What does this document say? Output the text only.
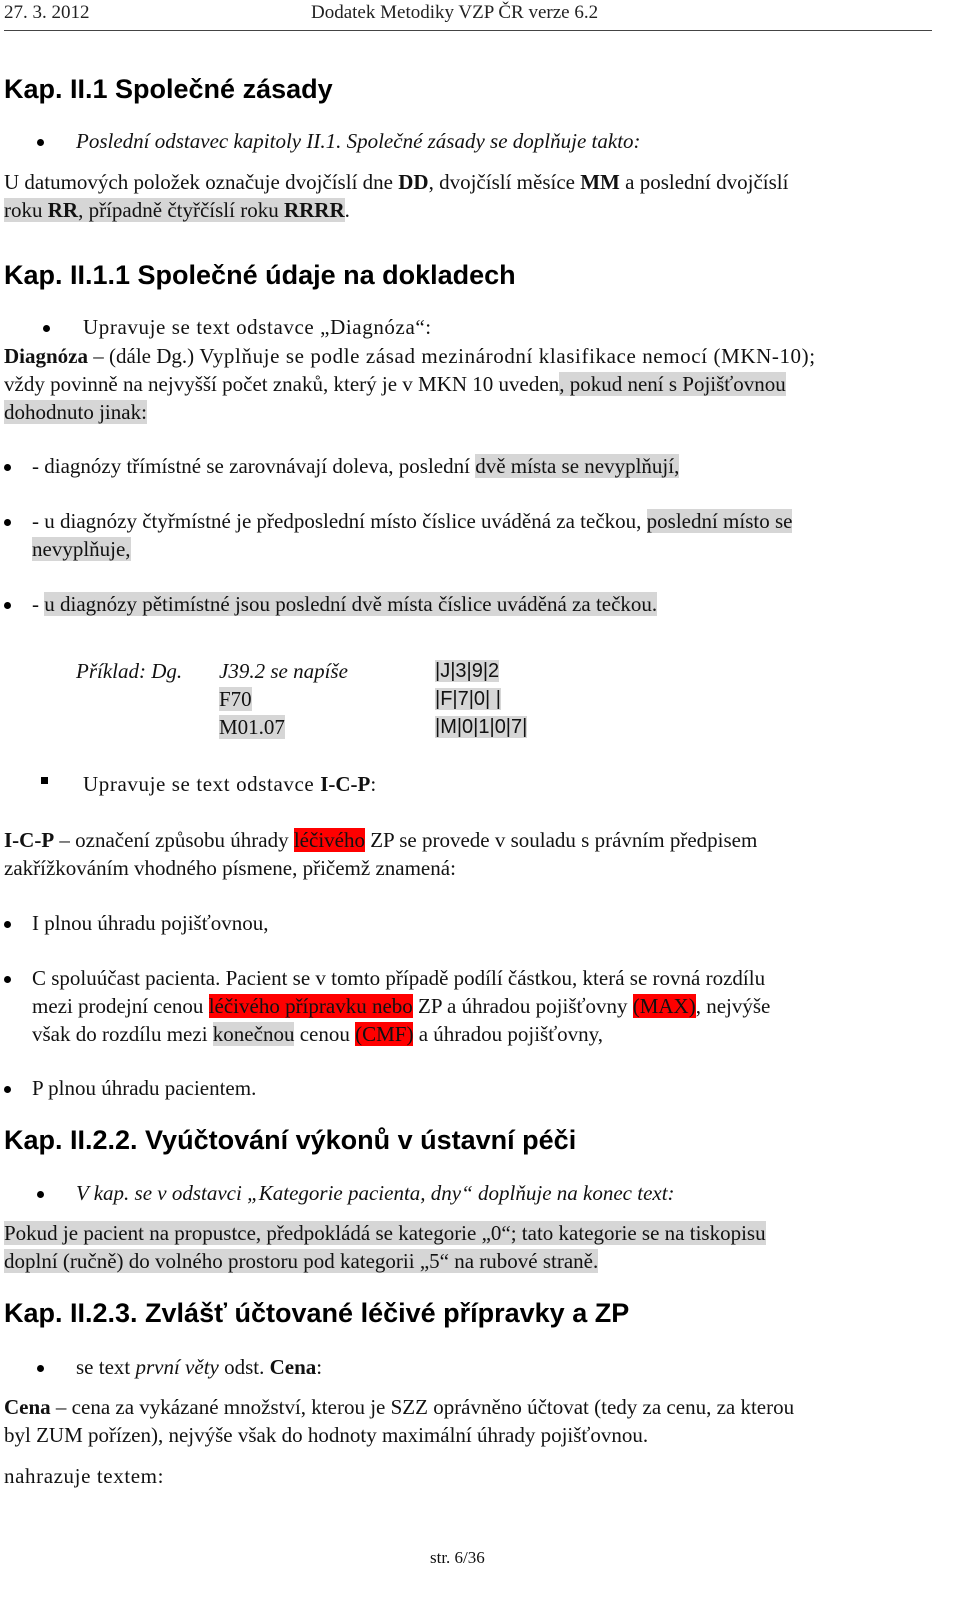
27. 3. 2012	Dodatek Metodiky VZP ČR verze 6.2
Kap. II.1 Společné zásady
Poslední odstavec kapitoly II.1. Společné zásady se doplňuje takto:
U datumových položek označuje dvojčíslí dne DD, dvojčíslí měsíce MM a poslední dvojčíslí
roku RR, případně čtyřčíslí roku RRRR.
Kap. II.1.1 Společné údaje na dokladech
Upravuje se text odstavce „Diagnóza“:
Diagnóza – (dále Dg.) Vyplňuje se podle zásad mezinárodní klasifikace nemocí (MKN-10);
vždy povinně na nejvyšší počet znaků, který je v MKN 10 uveden, pokud není s Pojišťovnou
dohodnuto jinak:
- diagnózy třímístné se zarovnávají doleva, poslední dvě místa se nevyplňují,
- u diagnózy čtyřmístné je předposlední místo číslice uváděná za tečkou, poslední místo se
nevyplňuje,
- u diagnózy pětimístné jsou poslední dvě místa číslice uváděná za tečkou.
Příklad: Dg. J39.2 se napíše	|J|3|9|2
F70	|F|7|0| |
M01.07	|M|0|1|0|7|
Upravuje se text odstavce I-C-P:
I-C-P – označení způsobu úhrady léčivého ZP se provede v souladu s právním předpisem
zakřížkováním vhodného písmene, přičemž znamená:
I plnou úhradu pojišťovnou,
C spoluúčast pacienta. Pacient se v tomto případě podílí částkou, která se rovná rozdílu
mezi prodejní cenou léčivého přípravku nebo ZP a úhradou pojišťovny (MAX), nejvýše
však do rozdílu mezi konečnou cenou (CMF) a úhradou pojišťovny,
P plnou úhradu pacientem.
Kap. II.2.2. Vyúčtování výkonů v ústavní péči
V kap. se v odstavci „Kategorie pacienta, dny“ doplňuje na konec text:
Pokud je pacient na propustce, předpokládá se kategorie „0“; tato kategorie se na tiskopisu
doplní (ručně) do volného prostoru pod kategorii „5“ na rubové straně.
Kap. II.2.3. Zvlášť účtované léčivé přípravky a ZP
se text první věty odst. Cena:
Cena – cena za vykázané množství, kterou je SZZ oprávněno účtovat (tedy za cenu, za kterou
byl ZUM pořízen), nejvýše však do hodnoty maximální úhrady pojišťovnou.
nahrazuje textem:
str. 6/36
